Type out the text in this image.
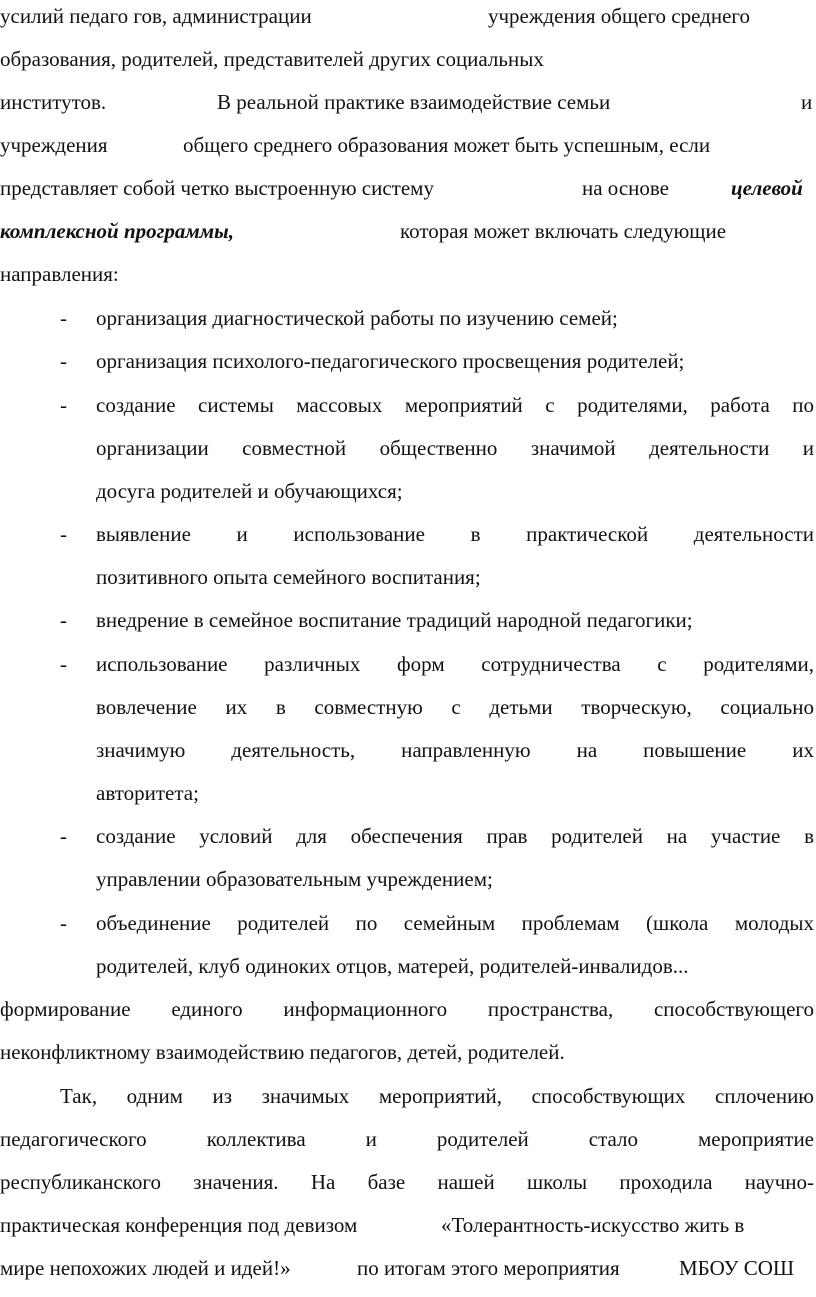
усилий педаго гов, администрации	учреждения общего среднего
образования, родителей, представителей других социальных
институтов.	В реальной практике взаимодействие семьи	и
учреждения	общего среднего образования может быть успешным, если
представляет собой четко выстроенную систему	на основе	целевой
комплексной программы,	которая может включать следующие
направления:
- организация диагностической работы по изучению семей;
- организация психолого-педагогического просвещения родителей;
- создание системы массовых мероприятий с родителями, работа по
организации совместной общественно значимой деятельности и
досуга родителей и обучающихся;
- выявление и использование в практической деятельности
позитивного опыта семейного воспитания;
- внедрение в семейное воспитание традиций народной педагогики;
- использование различных форм сотрудничества с родителями,
вовлечение их в совместную с детьми творческую, социально
значимую деятельность, направленную на повышение их
авторитета;
- создание условий для обеспечения прав родителей на участие в
управлении образовательным учреждением;
- объединение родителей по семейным проблемам (школа молодых
родителей, клуб одиноких отцов, матерей, родителей-инвалидов...
формирование единого информационного пространства, способствующего
неконфликтному взаимодействию педагогов, детей, родителей.
Так, одним из значимых мероприятий, способствующих сплочению
педагогического коллектива и родителей стало мероприятие
республиканского значения. На базе нашей школы проходила научно-
практическая конференция под девизом	«Толерантность-искусство жить в
мире непохожих людей и идей!»	по итогам этого мероприятия	МБОУ СОШ
